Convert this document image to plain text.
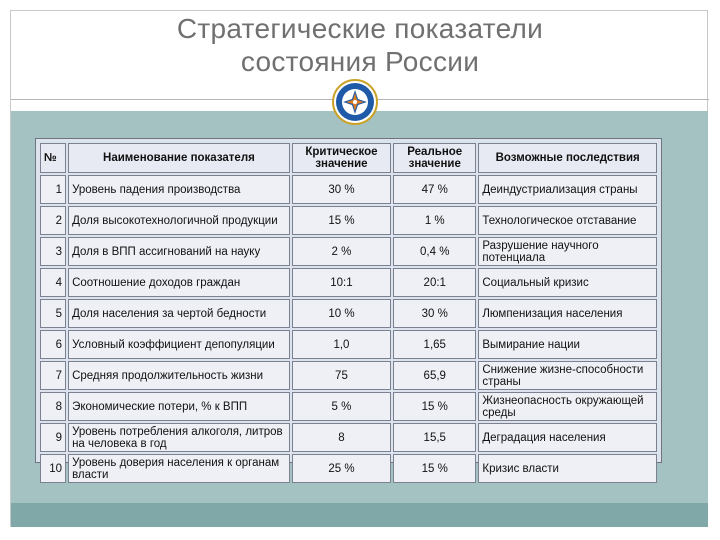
Стратегические показатели
состояния России
№	Наименование показателя	Критическое значение	Реальное значение	Возможные последствия
1	Уровень падения производства	30 %	47 %	Деиндустриализация страны
2	Доля высокотехнологичной продукции	15 %	1 %	Технологическое отставание
3	Доля в ВПП ассигнований на науку	2 %	0,4 %	Разрушение научного потенциала
4	Соотношение доходов граждан	10:1	20:1	Социальный кризис
5	Доля населения за чертой бедности	10 %	30 %	Люмпенизация населения
6	Условный коэффициент депопуляции	1,0	1,65	Вымирание нации
7	Средняя продолжительность жизни	75	65,9	Снижение жизне-способности страны
8	Экономические потери, % к ВПП	5 %	15 %	Жизнеопасность окружающей среды
9	Уровень потребления алкоголя, литров на человека в год	8	15,5	Деградация населения
10	Уровень доверия населения к органам власти	25 %	15 %	Кризис власти
